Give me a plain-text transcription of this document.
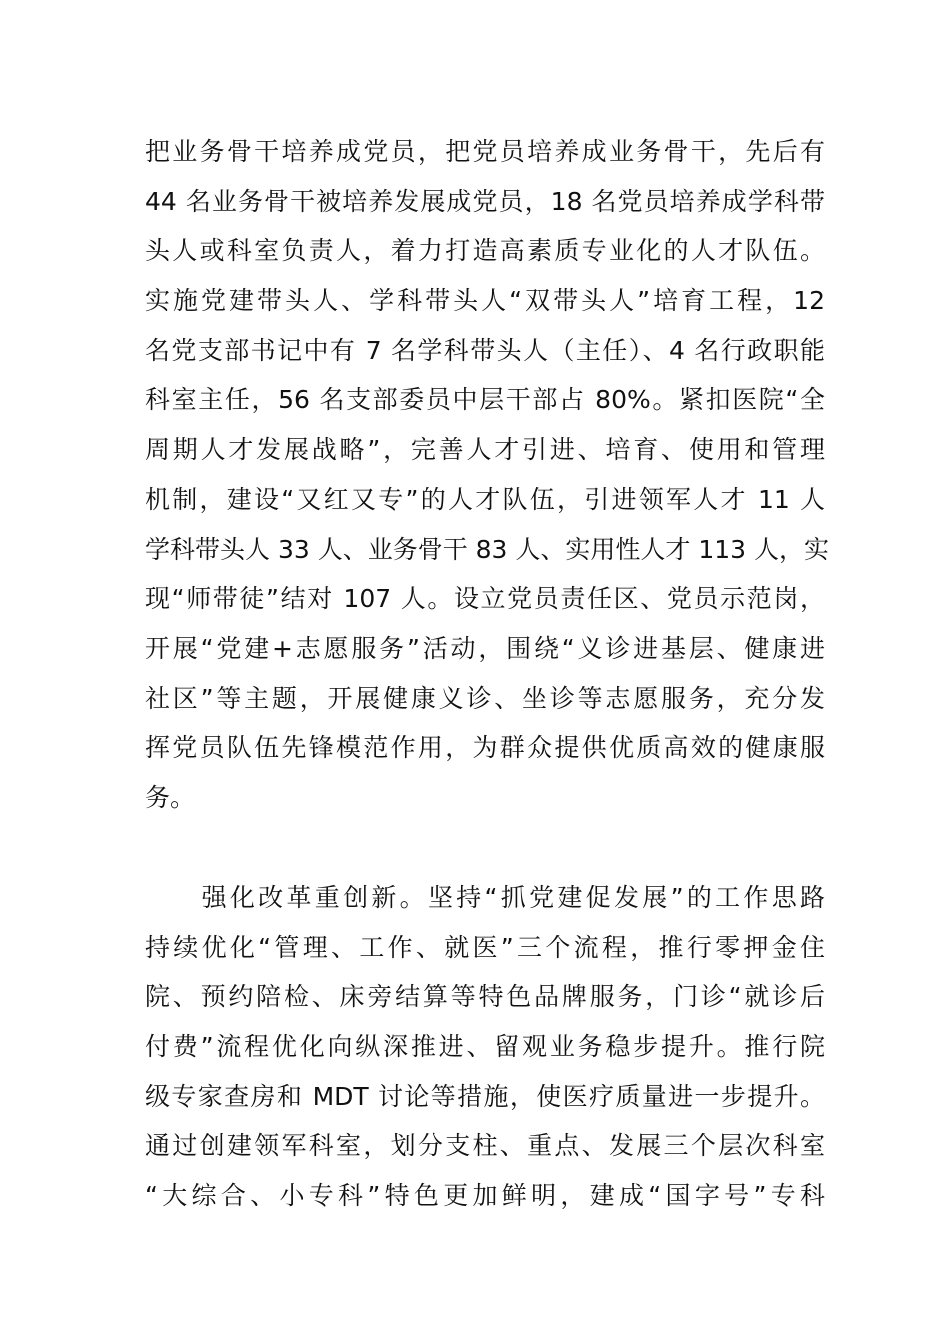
把业务骨干培养成党员，把党员培养成业务骨干，先后有
44 名业务骨干被培养发展成党员，18 名党员培养成学科带
头人或科室负责人，着力打造高素质专业化的人才队伍。
实施党建带头人、学科带头人“双带头人”培育工程，12
名党支部书记中有 7 名学科带头人（主任）、4 名行政职能
科室主任，56 名支部委员中层干部占 80%。紧扣医院“全
周期人才发展战略”，完善人才引进、培育、使用和管理
机制，建设“又红又专”的人才队伍，引进领军人才 11 人
学科带头人 33 人、业务骨干 83 人、实用性人才 113 人，实
现“师带徒”结对 107 人。设立党员责任区、党员示范岗，
开展“党建+志愿服务”活动，围绕“义诊进基层、健康进
社区”等主题，开展健康义诊、坐诊等志愿服务，充分发
挥党员队伍先锋模范作用，为群众提供优质高效的健康服
务。
　　强化改革重创新。坚持“抓党建促发展”的工作思路
持续优化“管理、工作、就医”三个流程，推行零押金住
院、预约陪检、床旁结算等特色品牌服务，门诊“就诊后
付费”流程优化向纵深推进、留观业务稳步提升。推行院
级专家查房和 MDT 讨论等措施，使医疗质量进一步提升。
通过创建领军科室，划分支柱、重点、发展三个层次科室
“大综合、小专科”特色更加鲜明，建成“国字号”专科
